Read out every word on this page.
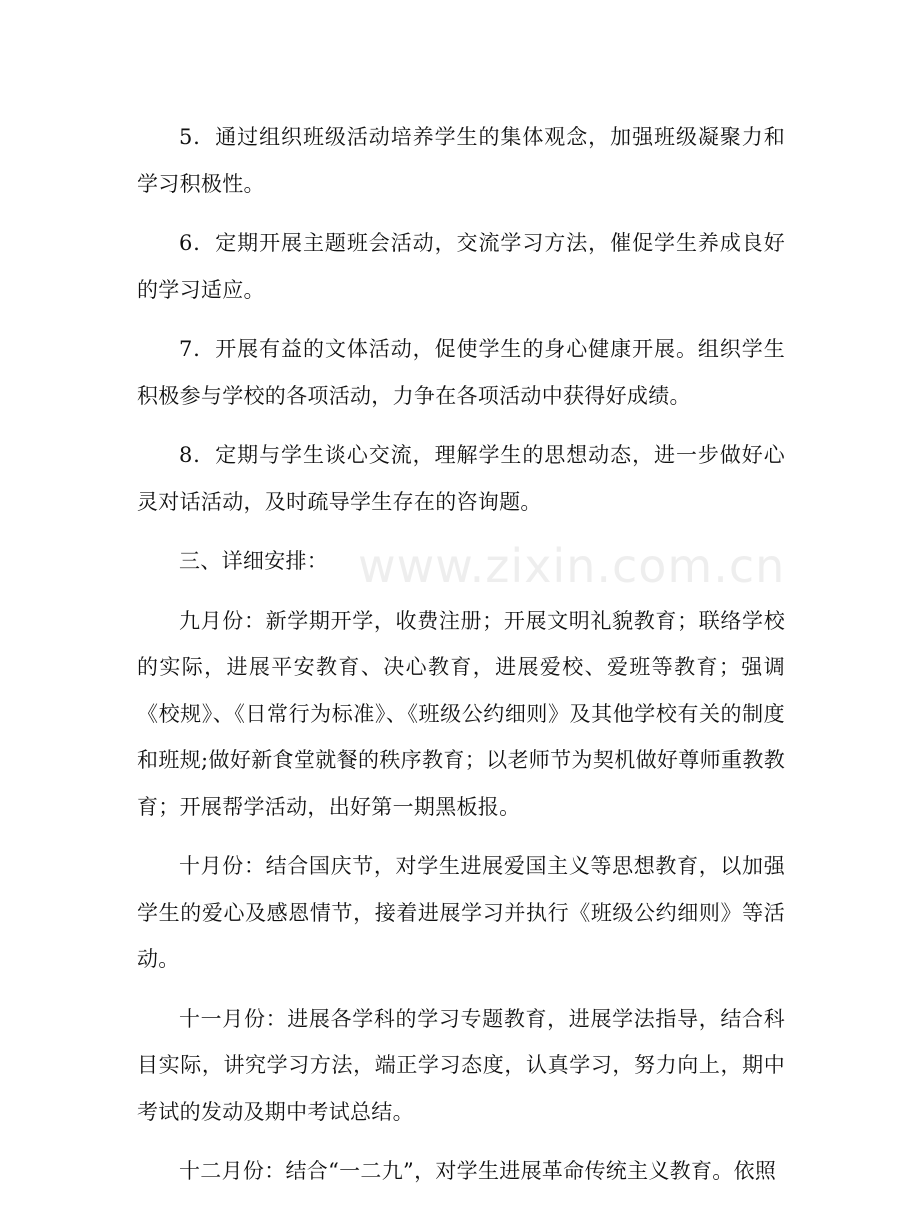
5．通过组织班级活动培养学生的集体观念，加强班级凝聚力和学习积极性。

6．定期开展主题班会活动，交流学习方法，催促学生养成良好的学习适应。

7．开展有益的文体活动，促使学生的身心健康开展。组织学生积极参与学校的各项活动，力争在各项活动中获得好成绩。

8．定期与学生谈心交流，理解学生的思想动态，进一步做好心灵对话活动，及时疏导学生存在的咨询题。

三、详细安排：

九月份：新学期开学，收费注册；开展文明礼貌教育；联络学校的实际，进展平安教育、决心教育，进展爱校、爱班等教育；强调《校规》、《日常行为标准》、《班级公约细则》及其他学校有关的制度和班规;做好新食堂就餐的秩序教育；以老师节为契机做好尊师重教教育；开展帮学活动，出好第一期黑板报。

十月份：结合国庆节，对学生进展爱国主义等思想教育，以加强学生的爱心及感恩情节，接着进展学习并执行《班级公约细则》等活动。

十一月份：进展各学科的学习专题教育，进展学法指导，结合科目实际，讲究学习方法，端正学习态度，认真学习，努力向上，期中考试的发动及期中考试总结。

十二月份：结合“一二九”，对学生进展革命传统主义教育。依照

www.zixin.com.cn
